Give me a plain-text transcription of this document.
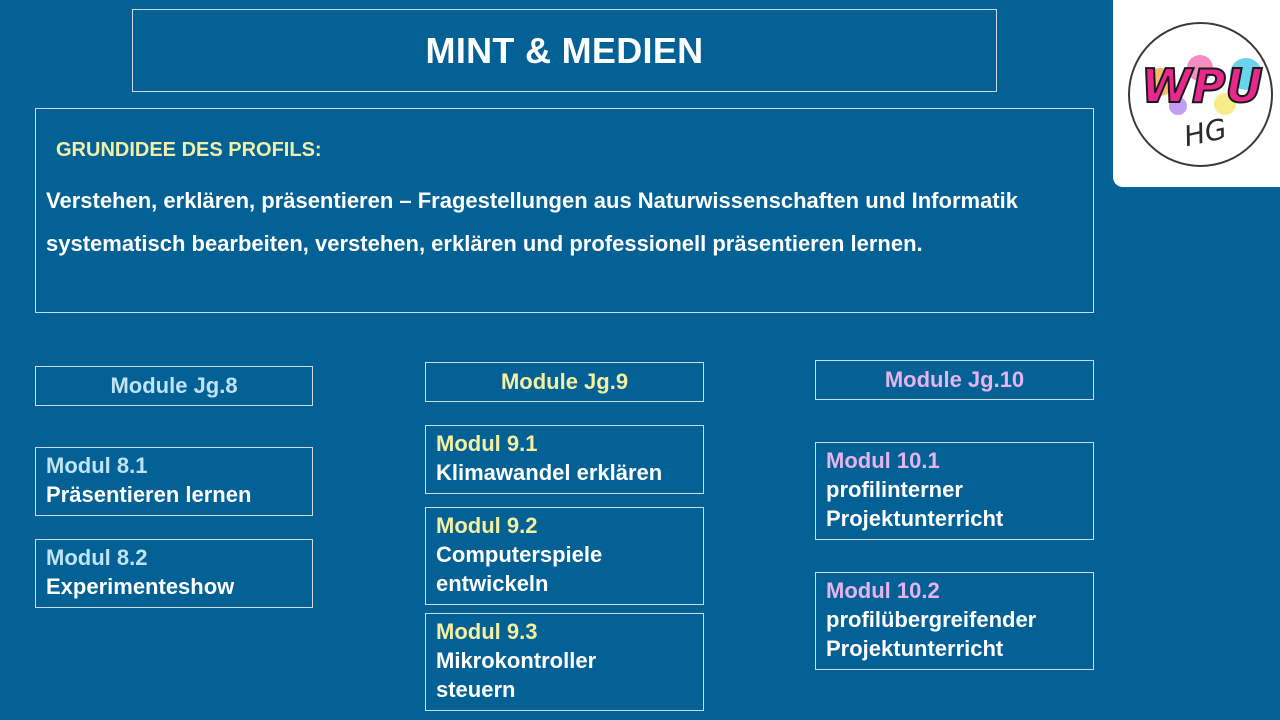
MINT & MEDIEN
GRUNDIDEE DES PROFILS:
Verstehen, erklären, präsentieren – Fragestellungen aus Naturwissenschaften und Informatik systematisch bearbeiten, verstehen, erklären und professionell präsentieren lernen.
WPU
HG
Module Jg.8
Modul 8.1
Präsentieren lernen
Modul 8.2
Experimenteshow
Module Jg.9
Modul 9.1
Klimawandel erklären
Modul 9.2
Computerspiele entwickeln
Modul 9.3
Mikrokontroller steuern
Module Jg.10
Modul 10.1
profilinterner Projektunterricht
Modul 10.2
profilübergreifender Projektunterricht
